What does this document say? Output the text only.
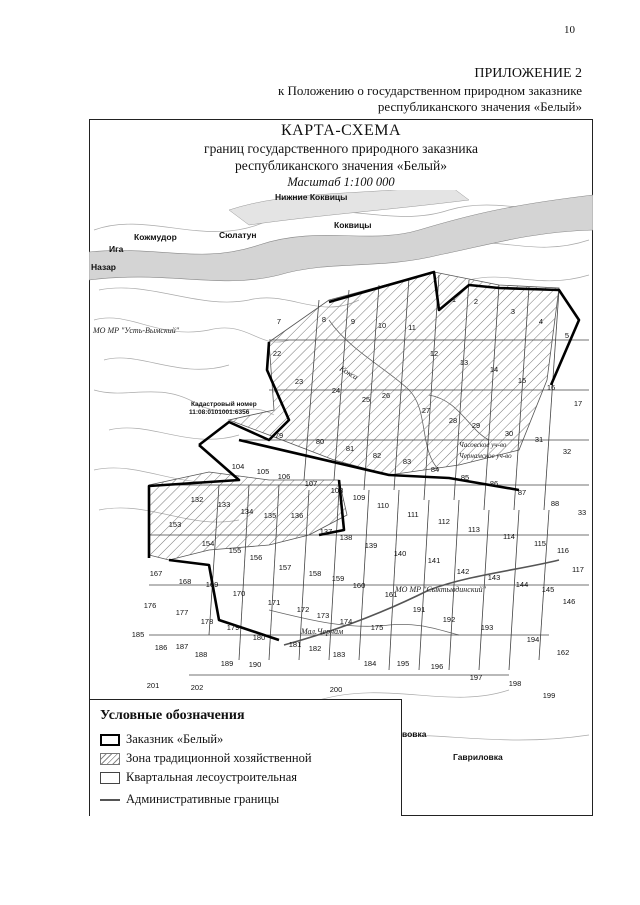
10
ПРИЛОЖЕНИЕ 2
к Положению о государственном природном заказнике
республиканского значения «Белый»
КАРТА-СХЕМА
границ государственного природного заказника
республиканского значения «Белый»
Масштаб 1:100 000
7	8	9	10	11
1 2
3
4
5
12
13
14
15
16
17
22
23
24
25 26
27
28
29
30
31
32
79
80
81
82
83
84
85
86
87
88
33
104
105
106
107
108
109
110
111
112
113
114
115
116
117
132
133
134 135 136
137
138
139
140
141
142
143
144
145
146
153
154
155
156
157
158
159
160
161
162
167
168 169
170
171
172
173
174
175
191
192
193
194
176
177
178
179
180
181 182
183
184	195	196
197
198
199
185
186 187
188
189 190
201	202	200
Нижние Коквицы
Коквицы
Кожмудор	Сюлатун
Ига
Назар
Гавриловка
вовка
МО МР "Усть-Вымский"
МО МР "Сыктывдинский"
Часовское уч-во
Чернамское уч-во
Кокса
Мал.Чернам
Кадастровый номер
11:08:0101001:6356
Условные обозначения
Заказник «Белый»
Зона традиционной хозяйственной
Квартальная лесоустроительная
Административные границы
